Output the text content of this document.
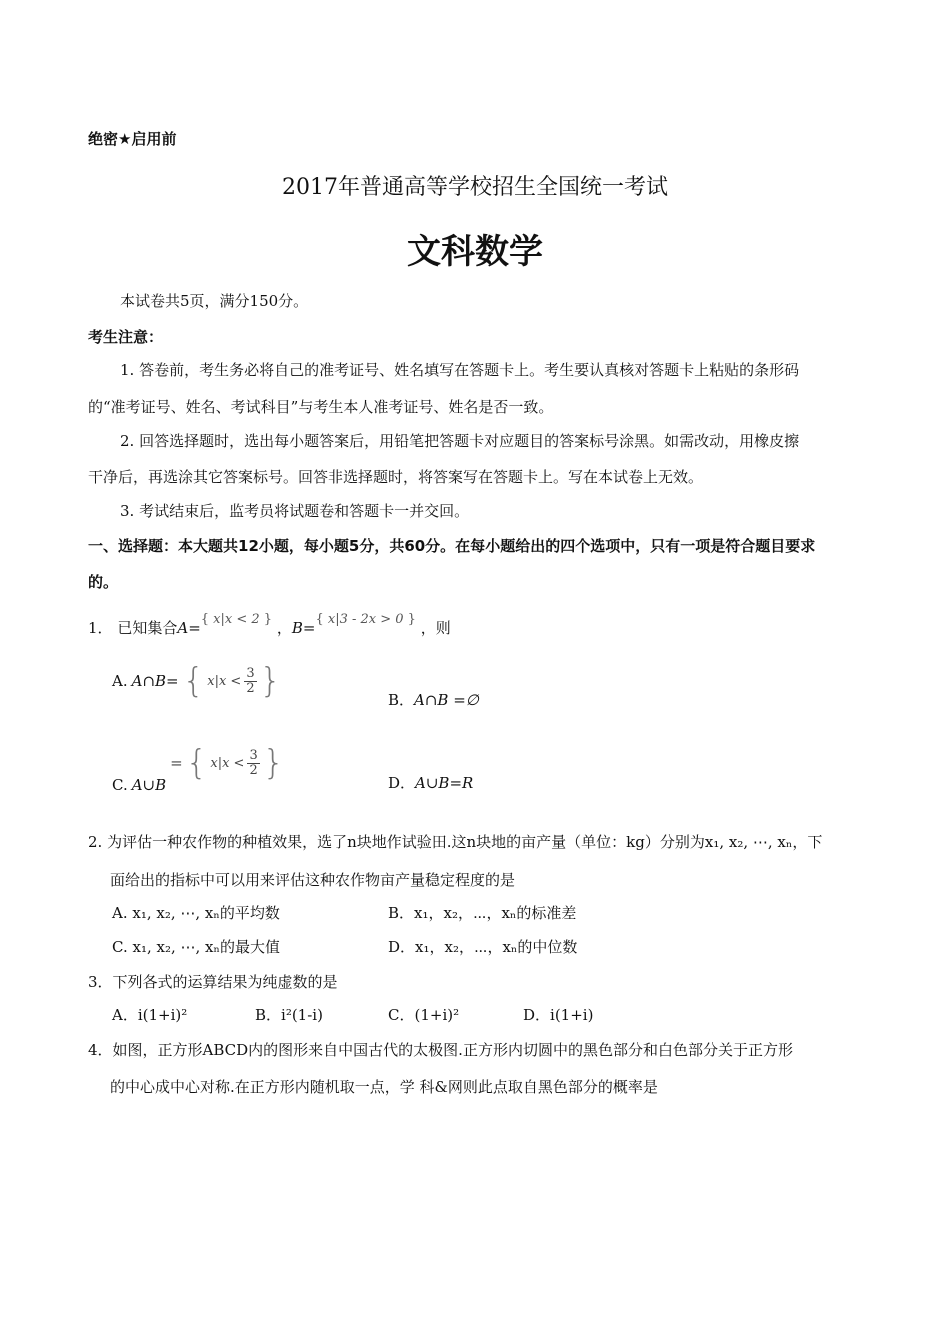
绝密★启用前
2017年普通高等学校招生全国统一考试
文科数学
本试卷共5页，满分150分。
考生注意：
1. 答卷前，考生务必将自己的准考证号、姓名填写在答题卡上。考生要认真核对答题卡上粘贴的条形码
的“准考证号、姓名、考试科目”与考生本人准考证号、姓名是否一致。
2. 回答选择题时，选出每小题答案后，用铅笔把答题卡对应题目的答案标号涂黑。如需改动，用橡皮擦
干净后，再选涂其它答案标号。回答非选择题时，将答案写在答题卡上。写在本试卷上无效。
3. 考试结束后，监考员将试题卷和答题卡一并交回。
一、选择题：本大题共12小题，每小题5分，共60分。在每小题给出的四个选项中，只有一项是符合题目要求
的。
1． 已知集合A={ x|x < 2 } ，B={ x|3 - 2x > 0 } ，则
A. A∩B= { $x|x < \frac{3}{2}$ }	B．A∩B =∅
C. A∪B
= { $x|x < \frac{3}{2}$ }	D．A∪B=R
2. 为评估一种农作物的种植效果，选了n块地作试验田.这n块地的亩产量（单位：kg）分别为x₁, x₂, ⋯, xₙ，下
面给出的指标中可以用来评估这种农作物亩产量稳定程度的是
A. x₁, x₂, ⋯, xₙ的平均数	B．x₁，x₂，⋯，xₙ的标准差
C. x₁, x₂, ⋯, xₙ的最大值	D．x₁，x₂，⋯，xₙ的中位数
3．下列各式的运算结果为纯虚数的是
A．i(1+i)²	B．i²(1-i)	C．(1+i)²	D．i(1+i)
4．如图，正方形ABCD内的图形来自中国古代的太极图.正方形内切圆中的黑色部分和白色部分关于正方形
的中心成中心对称.在正方形内随机取一点，学 科&网则此点取自黑色部分的概率是
